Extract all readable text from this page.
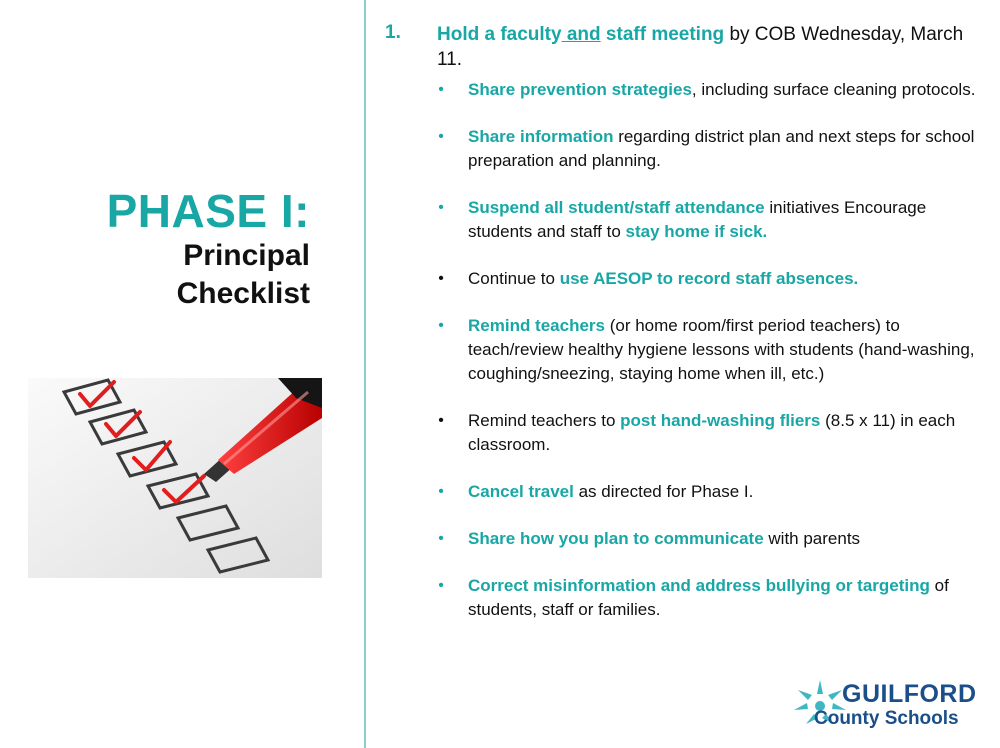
PHASE I:
Principal
Checklist
1. Hold a faculty and staff meeting by COB Wednesday, March 11.
• Share prevention strategies, including surface cleaning protocols.
• Share information regarding district plan and next steps for school preparation and planning.
• Suspend all student/staff attendance initiatives Encourage students and staff to stay home if sick.
• Continue to use AESOP to record staff absences.
• Remind teachers (or home room/first period teachers) to teach/review healthy hygiene lessons with students (hand-washing, coughing/sneezing, staying home when ill, etc.)
• Remind teachers to post hand-washing fliers (8.5 x 11) in each classroom.
• Cancel travel as directed for Phase I.
• Share how you plan to communicate with parents
• Correct misinformation and address bullying or targeting of students, staff or families.
GUILFORD
County Schools
